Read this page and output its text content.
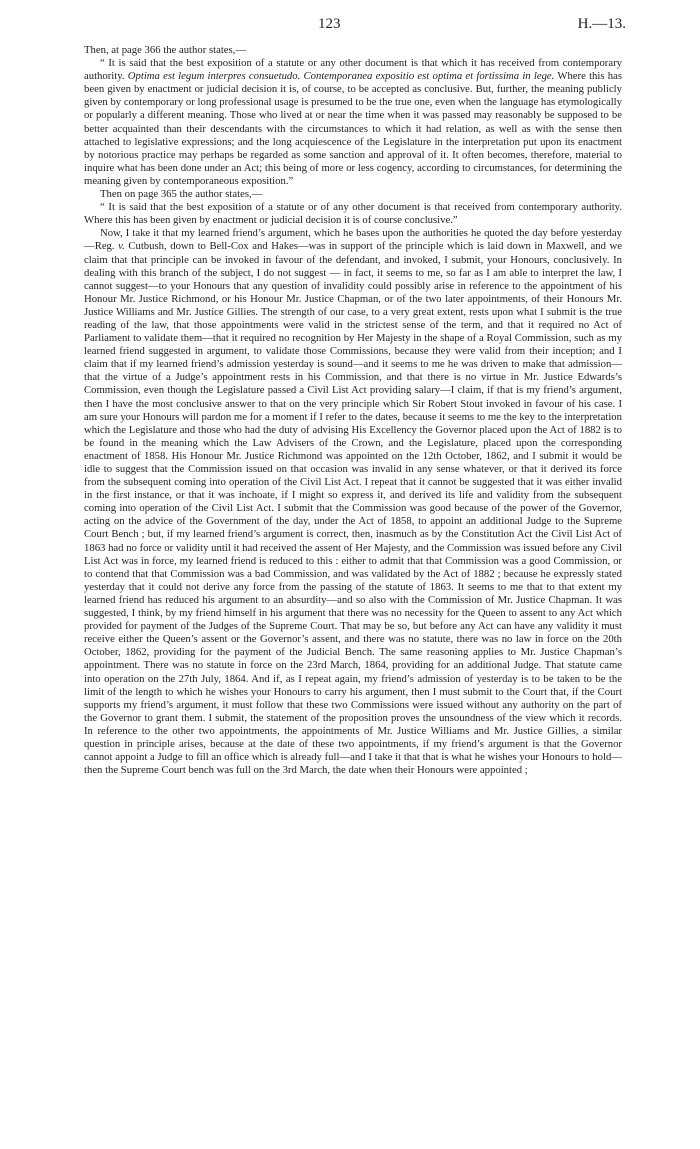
123	H.—13.

Then, at page 366 the author states,—

“ It is said that the best exposition of a statute or any other document is that which it has received from contemporary authority. Optima est legum interpres consuetudo. Contemporanea expositio est optima et fortissima in lege. Where this has been given by enactment or judicial decision it is, of course, to be accepted as conclusive. But, further, the meaning publicly given by contemporary or long professional usage is presumed to be the true one, even when the language has etymologically or popularly a different meaning. Those who lived at or near the time when it was passed may reasonably be supposed to be better acquainted than their descendants with the circumstances to which it had relation, as well as with the sense then attached to legislative expressions; and the long acquiescence of the Legislature in the interpretation put upon its enactment by notorious practice may perhaps be regarded as some sanction and approval of it. It often becomes, therefore, material to inquire what has been done under an Act; this being of more or less cogency, according to circumstances, for determining the meaning given by contemporaneous exposition.”

Then on page 365 the author states,—

“ It is said that the best exposition of a statute or of any other document is that received from contemporary authority. Where this has been given by enactment or judicial decision it is of course conclusive.”

Now, I take it that my learned friend’s argument, which he bases upon the authorities he quoted the day before yesterday—Reg. v. Cutbush, down to Bell-Cox and Hakes—was in support of the principle which is laid down in Maxwell, and we claim that that principle can be invoked in favour of the defendant, and invoked, I submit, your Honours, conclusively. In dealing with this branch of the subject, I do not suggest — in fact, it seems to me, so far as I am able to interpret the law, I cannot suggest—to your Honours that any question of invalidity could possibly arise in reference to the appointment of his Honour Mr. Justice Richmond, or his Honour Mr. Justice Chapman, or of the two later appointments, of their Honours Mr. Justice Williams and Mr. Justice Gillies. The strength of our case, to a very great extent, rests upon what I submit is the true reading of the law, that those appointments were valid in the strictest sense of the term, and that it required no Act of Parliament to validate them—that it required no recognition by Her Majesty in the shape of a Royal Commission, such as my learned friend suggested in argument, to validate those Commissions, because they were valid from their inception; and I claim that if my learned friend’s admission yesterday is sound—and it seems to me he was driven to make that admission—that the virtue of a Judge’s appointment rests in his Commission, and that there is no virtue in Mr. Justice Edwards’s Commission, even though the Legislature passed a Civil List Act providing salary—I claim, if that is my friend’s argument, then I have the most conclusive answer to that on the very principle which Sir Robert Stout invoked in favour of his case. I am sure your Honours will pardon me for a moment if I refer to the dates, because it seems to me the key to the interpretation which the Legislature and those who had the duty of advising His Excellency the Governor placed upon the Act of 1882 is to be found in the meaning which the Law Advisers of the Crown, and the Legislature, placed upon the corresponding enactment of 1858. His Honour Mr. Justice Richmond was appointed on the 12th October, 1862, and I submit it would be idle to suggest that the Commission issued on that occasion was invalid in any sense whatever, or that it derived its force from the subsequent coming into operation of the Civil List Act. I repeat that it cannot be suggested that it was either invalid in the first instance, or that it was inchoate, if I might so express it, and derived its life and validity from the subsequent coming into operation of the Civil List Act. I submit that the Commission was good because of the power of the Governor, acting on the advice of the Government of the day, under the Act of 1858, to appoint an additional Judge to the Supreme Court Bench ; but, if my learned friend’s argument is correct, then, inasmuch as by the Constitution Act the Civil List Act of 1863 had no force or validity until it had received the assent of Her Majesty, and the Commission was issued before any Civil List Act was in force, my learned friend is reduced to this : either to admit that that Commission was a good Commission, or to contend that that Commission was a bad Commission, and was validated by the Act of 1882 ; because he expressly stated yesterday that it could not derive any force from the passing of the statute of 1863. It seems to me that to that extent my learned friend has reduced his argument to an absurdity—and so also with the Commission of Mr. Justice Chapman. It was suggested, I think, by my friend himself in his argument that there was no necessity for the Queen to assent to any Act which provided for payment of the Judges of the Supreme Court. That may be so, but before any Act can have any validity it must receive either the Queen’s assent or the Governor’s assent, and there was no statute, there was no law in force on the 20th October, 1862, providing for the payment of the Judicial Bench. The same reasoning applies to Mr. Justice Chapman’s appointment. There was no statute in force on the 23rd March, 1864, providing for an additional Judge. That statute came into operation on the 27th July, 1864. And if, as I repeat again, my friend’s admission of yesterday is to be taken to be the limit of the length to which he wishes your Honours to carry his argument, then I must submit to the Court that, if the Court supports my friend’s argument, it must follow that these two Commissions were issued without any authority on the part of the Governor to grant them. I submit, the statement of the proposition proves the unsoundness of the view which it records. In reference to the other two appointments, the appointments of Mr. Justice Williams and Mr. Justice Gillies, a similar question in principle arises, because at the date of these two appointments, if my friend’s argument is that the Governor cannot appoint a Judge to fill an office which is already full—and I take it that that is what he wishes your Honours to hold—then the Supreme Court bench was full on the 3rd March, the date when their Honours were appointed ;
